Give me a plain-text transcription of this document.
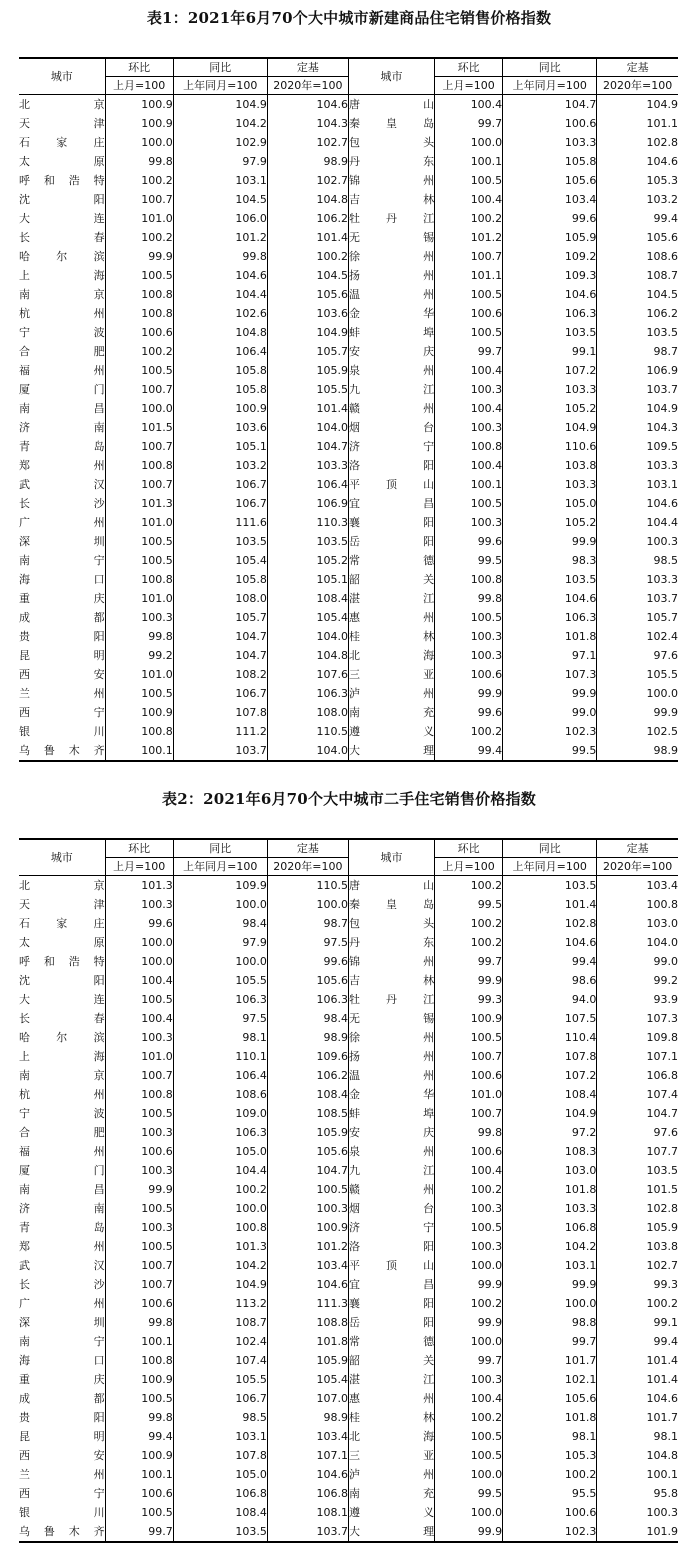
表1：2021年6月70个大中城市新建商品住宅销售价格指数
城市	环比	同比	定基	城市	环比	同比	定基
	上月=100	上年同月=100	2020年=100		上月=100	上年同月=100	2020年=100
北　京	100.9	104.9	104.6	唐　山	100.4	104.7	104.9
天　津	100.9	104.2	104.3	秦皇岛	99.7	100.6	101.1
石家庄	100.0	102.9	102.7	包　头	100.0	103.3	102.8
太　原	99.8	97.9	98.9	丹　东	100.1	105.8	104.6
呼和浩特	100.2	103.1	102.7	锦　州	100.5	105.6	105.3
沈　阳	100.7	104.5	104.8	吉　林	100.4	103.4	103.2
大　连	101.0	106.0	106.2	牡丹江	100.2	99.6	99.4
长　春	100.2	101.2	101.4	无　锡	101.2	105.9	105.6
哈尔滨	99.9	99.8	100.2	徐　州	100.7	109.2	108.6
上　海	100.5	104.6	104.5	扬　州	101.1	109.3	108.7
南　京	100.8	104.4	105.6	温　州	100.5	104.6	104.5
杭　州	100.8	102.6	103.6	金　华	100.6	106.3	106.2
宁　波	100.6	104.8	104.9	蚌　埠	100.5	103.5	103.5
合　肥	100.2	106.4	105.7	安　庆	99.7	99.1	98.7
福　州	100.5	105.8	105.9	泉　州	100.4	107.2	106.9
厦　门	100.7	105.8	105.5	九　江	100.3	103.3	103.7
南　昌	100.0	100.9	101.4	赣　州	100.4	105.2	104.9
济　南	101.5	103.6	104.0	烟　台	100.3	104.9	104.3
青　岛	100.7	105.1	104.7	济　宁	100.8	110.6	109.5
郑　州	100.8	103.2	103.3	洛　阳	100.4	103.8	103.3
武　汉	100.7	106.7	106.4	平顶山	100.1	103.3	103.1
长　沙	101.3	106.7	106.9	宜　昌	100.5	105.0	104.6
广　州	101.0	111.6	110.3	襄　阳	100.3	105.2	104.4
深　圳	100.5	103.5	103.5	岳　阳	99.6	99.9	100.3
南　宁	100.5	105.4	105.2	常　德	99.5	98.3	98.5
海　口	100.8	105.8	105.1	韶　关	100.8	103.5	103.3
重　庆	101.0	108.0	108.4	湛　江	99.8	104.6	103.7
成　都	100.3	105.7	105.4	惠　州	100.5	106.3	105.7
贵　阳	99.8	104.7	104.0	桂　林	100.3	101.8	102.4
昆　明	99.2	104.7	104.8	北　海	100.3	97.1	97.6
西　安	101.0	108.2	107.6	三　亚	100.6	107.3	105.5
兰　州	100.5	106.7	106.3	泸　州	99.9	99.9	100.0
西　宁	100.9	107.8	108.0	南　充	99.6	99.0	99.9
银　川	100.8	111.2	110.5	遵　义	100.2	102.3	102.5
乌鲁木齐	100.1	103.7	104.0	大　理	99.4	99.5	98.9
表2：2021年6月70个大中城市二手住宅销售价格指数
城市	环比	同比	定基	城市	环比	同比	定基
	上月=100	上年同月=100	2020年=100		上月=100	上年同月=100	2020年=100
北　京	101.3	109.9	110.5	唐　山	100.2	103.5	103.4
天　津	100.3	100.0	100.0	秦皇岛	99.5	101.4	100.8
石家庄	99.6	98.4	98.7	包　头	100.2	102.8	103.0
太　原	100.0	97.9	97.5	丹　东	100.2	104.6	104.0
呼和浩特	100.0	100.0	99.6	锦　州	99.7	99.4	99.0
沈　阳	100.4	105.5	105.6	吉　林	99.9	98.6	99.2
大　连	100.5	106.3	106.3	牡丹江	99.3	94.0	93.9
长　春	100.4	97.5	98.4	无　锡	100.9	107.5	107.3
哈尔滨	100.3	98.1	98.9	徐　州	100.5	110.4	109.8
上　海	101.0	110.1	109.6	扬　州	100.7	107.8	107.1
南　京	100.7	106.4	106.2	温　州	100.6	107.2	106.8
杭　州	100.8	108.6	108.4	金　华	101.0	108.4	107.4
宁　波	100.5	109.0	108.5	蚌　埠	100.7	104.9	104.7
合　肥	100.3	106.3	105.9	安　庆	99.8	97.2	97.6
福　州	100.6	105.0	105.6	泉　州	100.6	108.3	107.7
厦　门	100.3	104.4	104.7	九　江	100.4	103.0	103.5
南　昌	99.9	100.2	100.5	赣　州	100.2	101.8	101.5
济　南	100.5	100.0	100.3	烟　台	100.3	103.3	102.8
青　岛	100.3	100.8	100.9	济　宁	100.5	106.8	105.9
郑　州	100.5	101.3	101.2	洛　阳	100.3	104.2	103.8
武　汉	100.7	104.2	103.4	平顶山	100.0	103.1	102.7
长　沙	100.7	104.9	104.6	宜　昌	99.9	99.9	99.3
广　州	100.6	113.2	111.3	襄　阳	100.2	100.0	100.2
深　圳	99.8	108.7	108.8	岳　阳	99.9	98.8	99.1
南　宁	100.1	102.4	101.8	常　德	100.0	99.7	99.4
海　口	100.8	107.4	105.9	韶　关	99.7	101.7	101.4
重　庆	100.9	105.5	105.4	湛　江	100.3	102.1	101.4
成　都	100.5	106.7	107.0	惠　州	100.4	105.6	104.6
贵　阳	99.8	98.5	98.9	桂　林	100.2	101.8	101.7
昆　明	99.4	103.1	103.4	北　海	100.5	98.1	98.1
西　安	100.9	107.8	107.1	三　亚	100.5	105.3	104.8
兰　州	100.1	105.0	104.6	泸　州	100.0	100.2	100.1
西　宁	100.6	106.8	106.8	南　充	99.5	95.5	95.8
银　川	100.5	108.4	108.1	遵　义	100.0	100.6	100.3
乌鲁木齐	99.7	103.5	103.7	大　理	99.9	102.3	101.9
